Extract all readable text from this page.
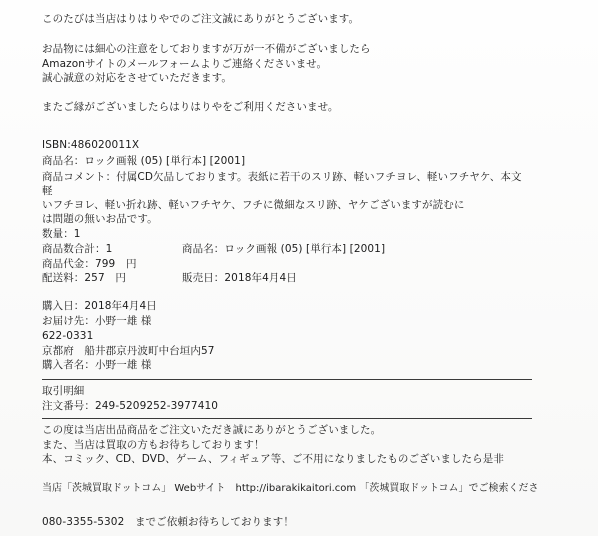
このたびは当店はりはりやでのご注文誠にありがとうございます。
お品物には細心の注意をしておりますが万が一不備がございましたら
Amazonサイトのメールフォームよりご連絡くださいませ。
誠心誠意の対応をさせていただきます。
またご縁がございましたらはりはりやをご利用くださいませ。
ISBN:486020011X
商品名：ロック画報 (05) [単行本] [2001]
商品コメント：付属CD欠品しております。表紙に若干のスリ跡、軽いフチヨレ、軽いフチヤケ、本文
軽
いフチヨレ、軽い折れ跡、軽いフチヤケ、フチに微細なスリ跡、ヤケございますが読むに
は問題の無いお品です。
数量：1
商品数合計：1	商品名：ロック画報 (05) [単行本] [2001]
商品代金：799　円
配送料：257　円	販売日：2018年4月4日
購入日：2018年4月4日
お届け先：小野一雄 様
622-0331
京都府　船井郡京丹波町中台垣内57
購入者名：小野一雄 様
取引明細
注文番号：249-5209252-3977410
この度は当店出品商品をご注文いただき誠にありがとうございました。
また、当店は買取の方もお待ちしております！
本、コミック、CD、DVD、ゲーム、フィギュア等、ご不用になりましたものございましたら是非
当店「茨城買取ドットコム」 Webサイト　http://ibarakikaitori.com 「茨城買取ドットコム」でご検索くださ
080-3355-5302　までご依頼お待ちしております！
